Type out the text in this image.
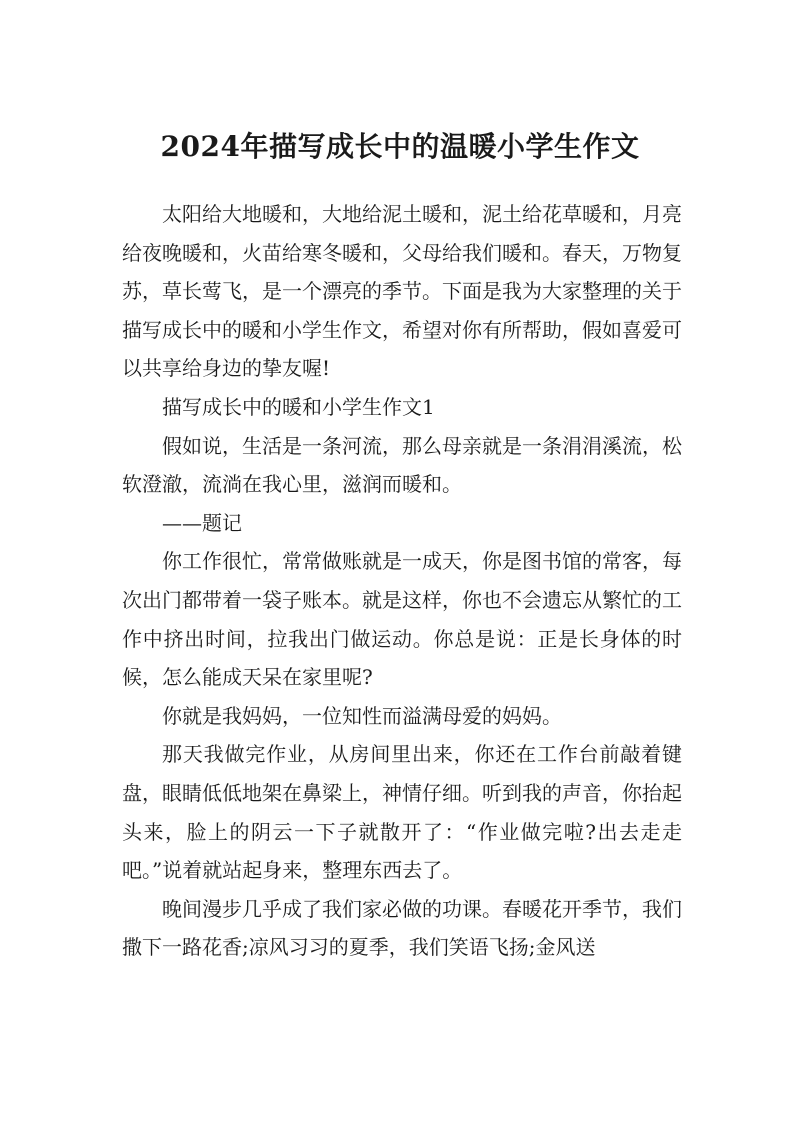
2024年描写成长中的温暖小学生作文

太阳给大地暖和，大地给泥土暖和，泥土给花草暖和，月亮给夜晚暖和，火苗给寒冬暖和，父母给我们暖和。春天，万物复苏，草长莺飞，是一个漂亮的季节。下面是我为大家整理的关于描写成长中的暖和小学生作文，希望对你有所帮助，假如喜爱可以共享给身边的挚友喔!

描写成长中的暖和小学生作文1

假如说，生活是一条河流，那么母亲就是一条涓涓溪流，松软澄澈，流淌在我心里，滋润而暖和。

——题记

你工作很忙，常常做账就是一成天，你是图书馆的常客，每次出门都带着一袋子账本。就是这样，你也不会遗忘从繁忙的工作中挤出时间，拉我出门做运动。你总是说：正是长身体的时候，怎么能成天呆在家里呢?

你就是我妈妈，一位知性而溢满母爱的妈妈。

那天我做完作业，从房间里出来，你还在工作台前敲着键盘，眼睛低低地架在鼻梁上，神情仔细。听到我的声音，你抬起头来，脸上的阴云一下子就散开了：“作业做完啦?出去走走吧。”说着就站起身来，整理东西去了。

晚间漫步几乎成了我们家必做的功课。春暖花开季节，我们撒下一路花香;凉风习习的夏季，我们笑语飞扬;金风送
